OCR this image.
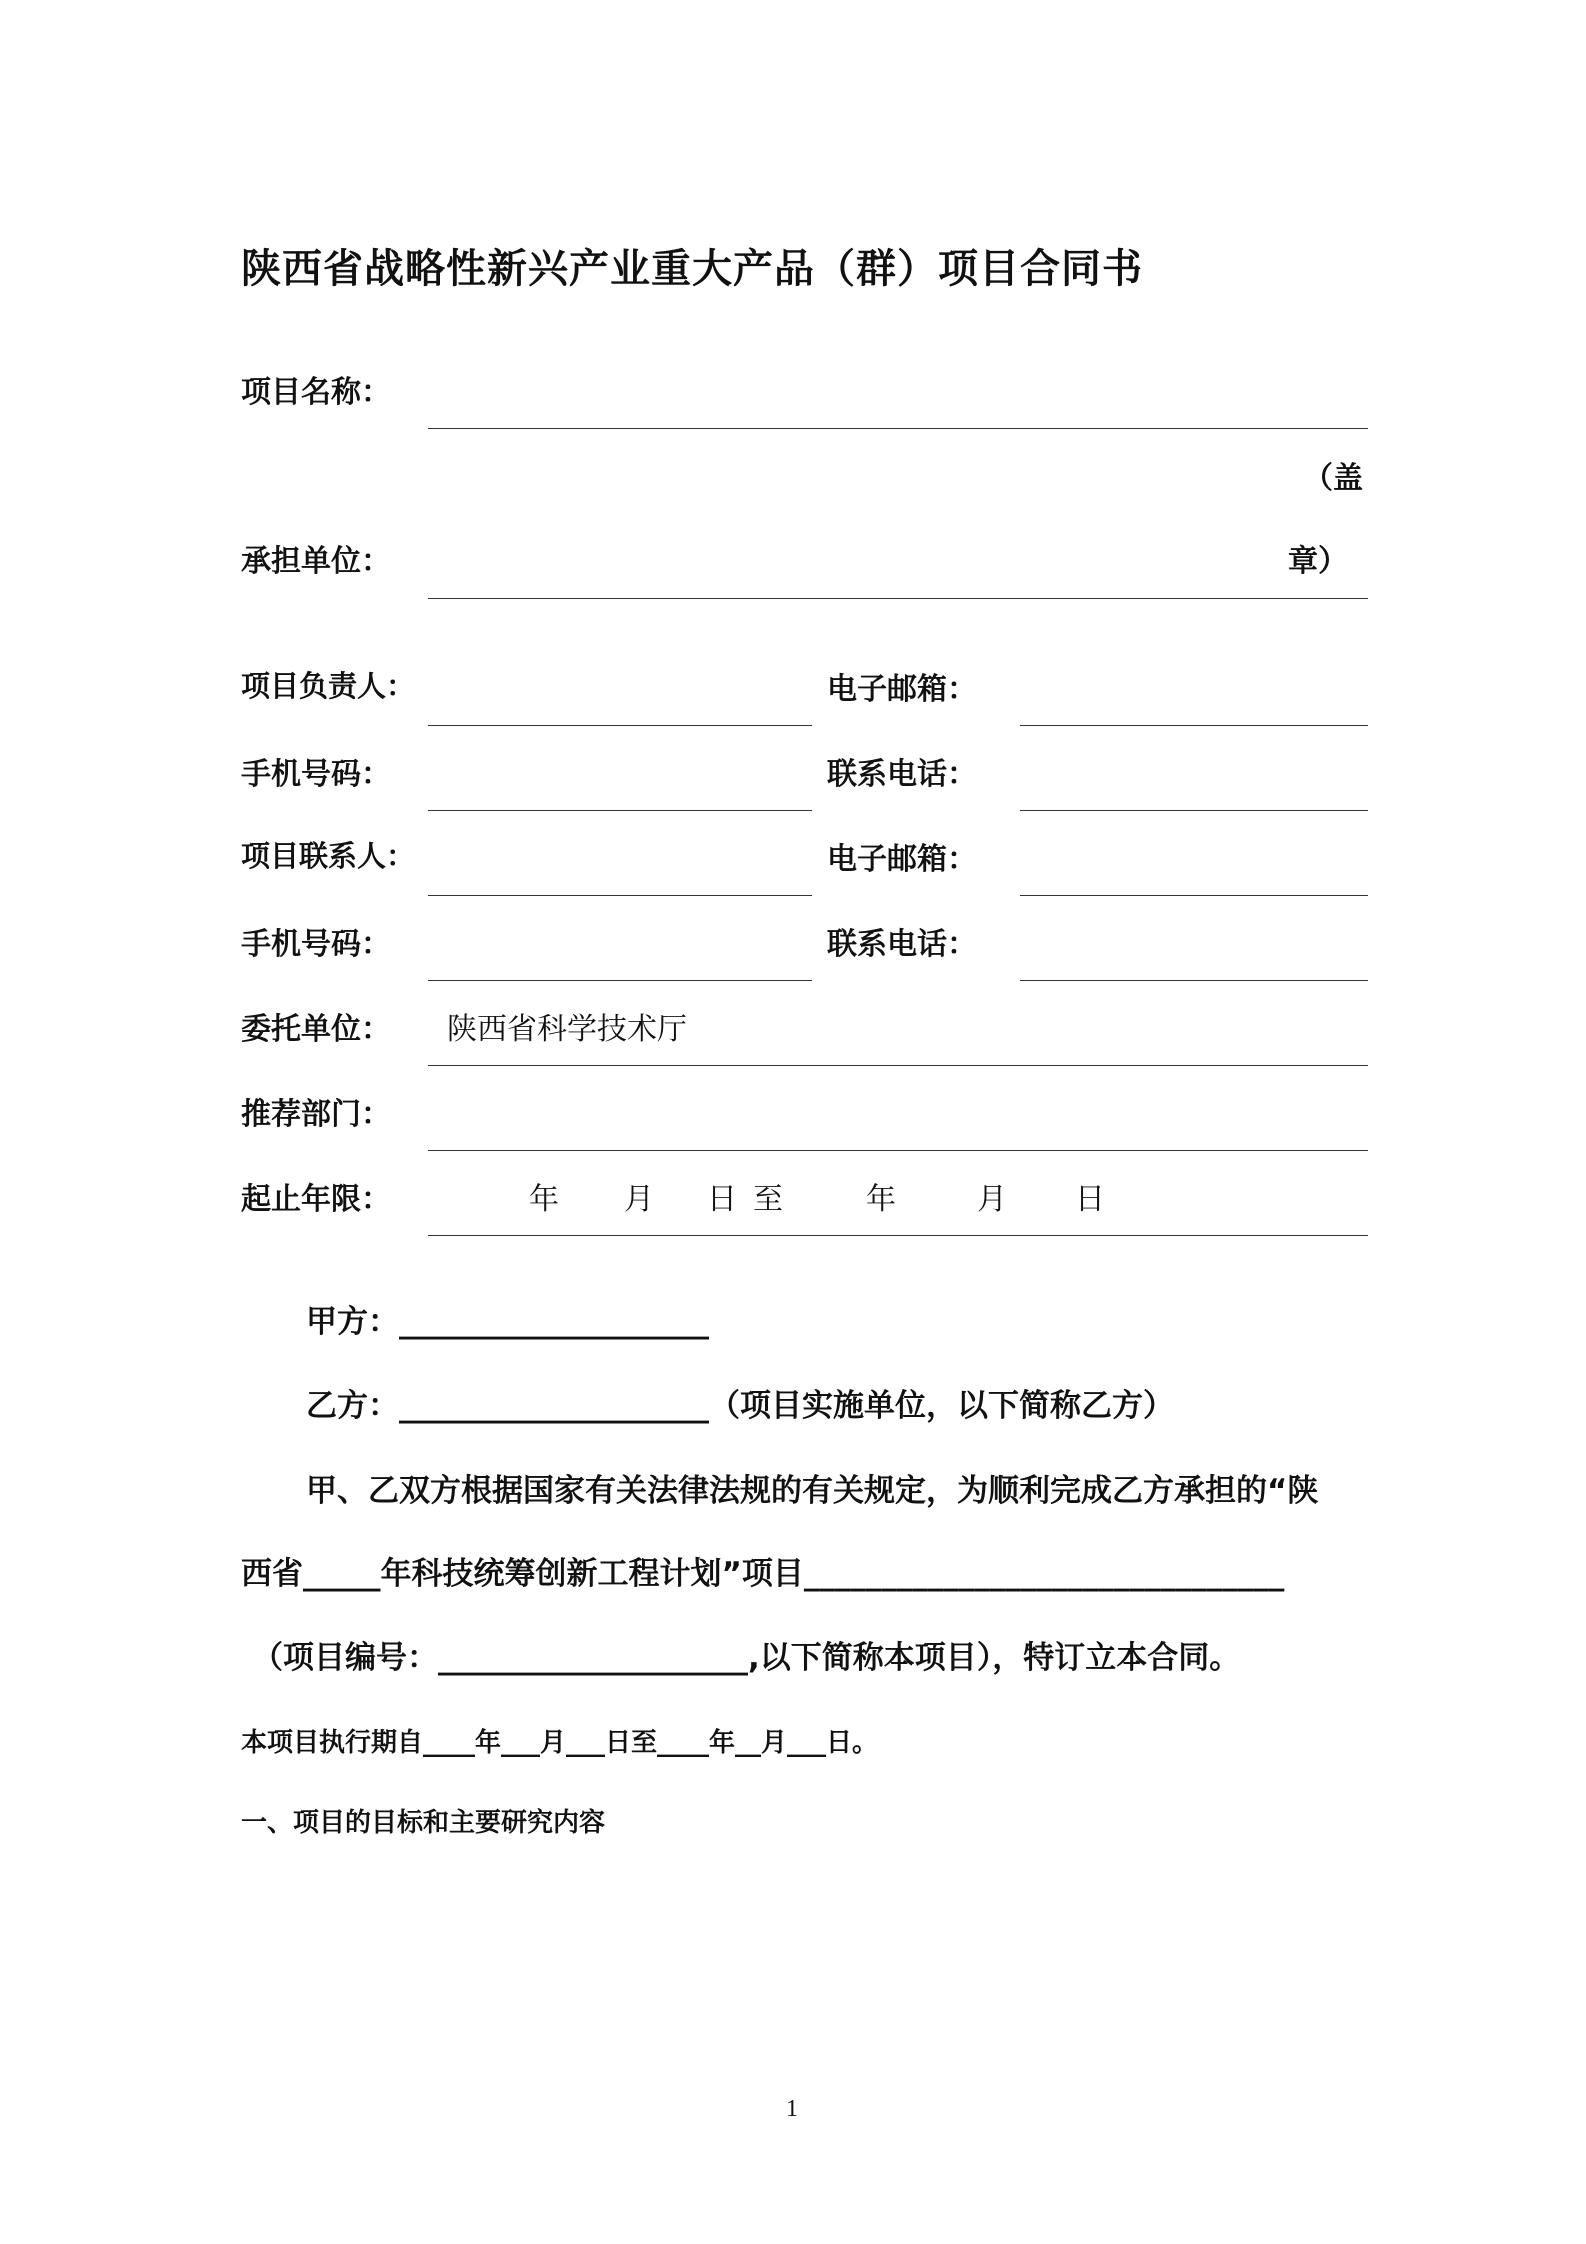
陕西省战略性新兴产业重大产品（群）项目合同书
项目名称：
（盖
承担单位：	章）
项目负责人：	电子邮箱：
手机号码：	联系电话：
项目联系人：	电子邮箱：
手机号码：	联系电话：
委托单位： 陕西省科学技术厅
推荐部门：
起止年限：	年 月 日 至	年	月 日
甲方：____________________
乙方：____________________（项目实施单位，以下简称乙方）
甲、乙双方根据国家有关法律法规的有关规定，为顺利完成乙方承担的“陕
西省_____年科技统筹创新工程计划”项目_______________________________
（项目编号：____________________,以下简称本项目），特订立本合同。
本项目执行期自____年___月___日至____年__月___日。
一、项目的目标和主要研究内容
1
